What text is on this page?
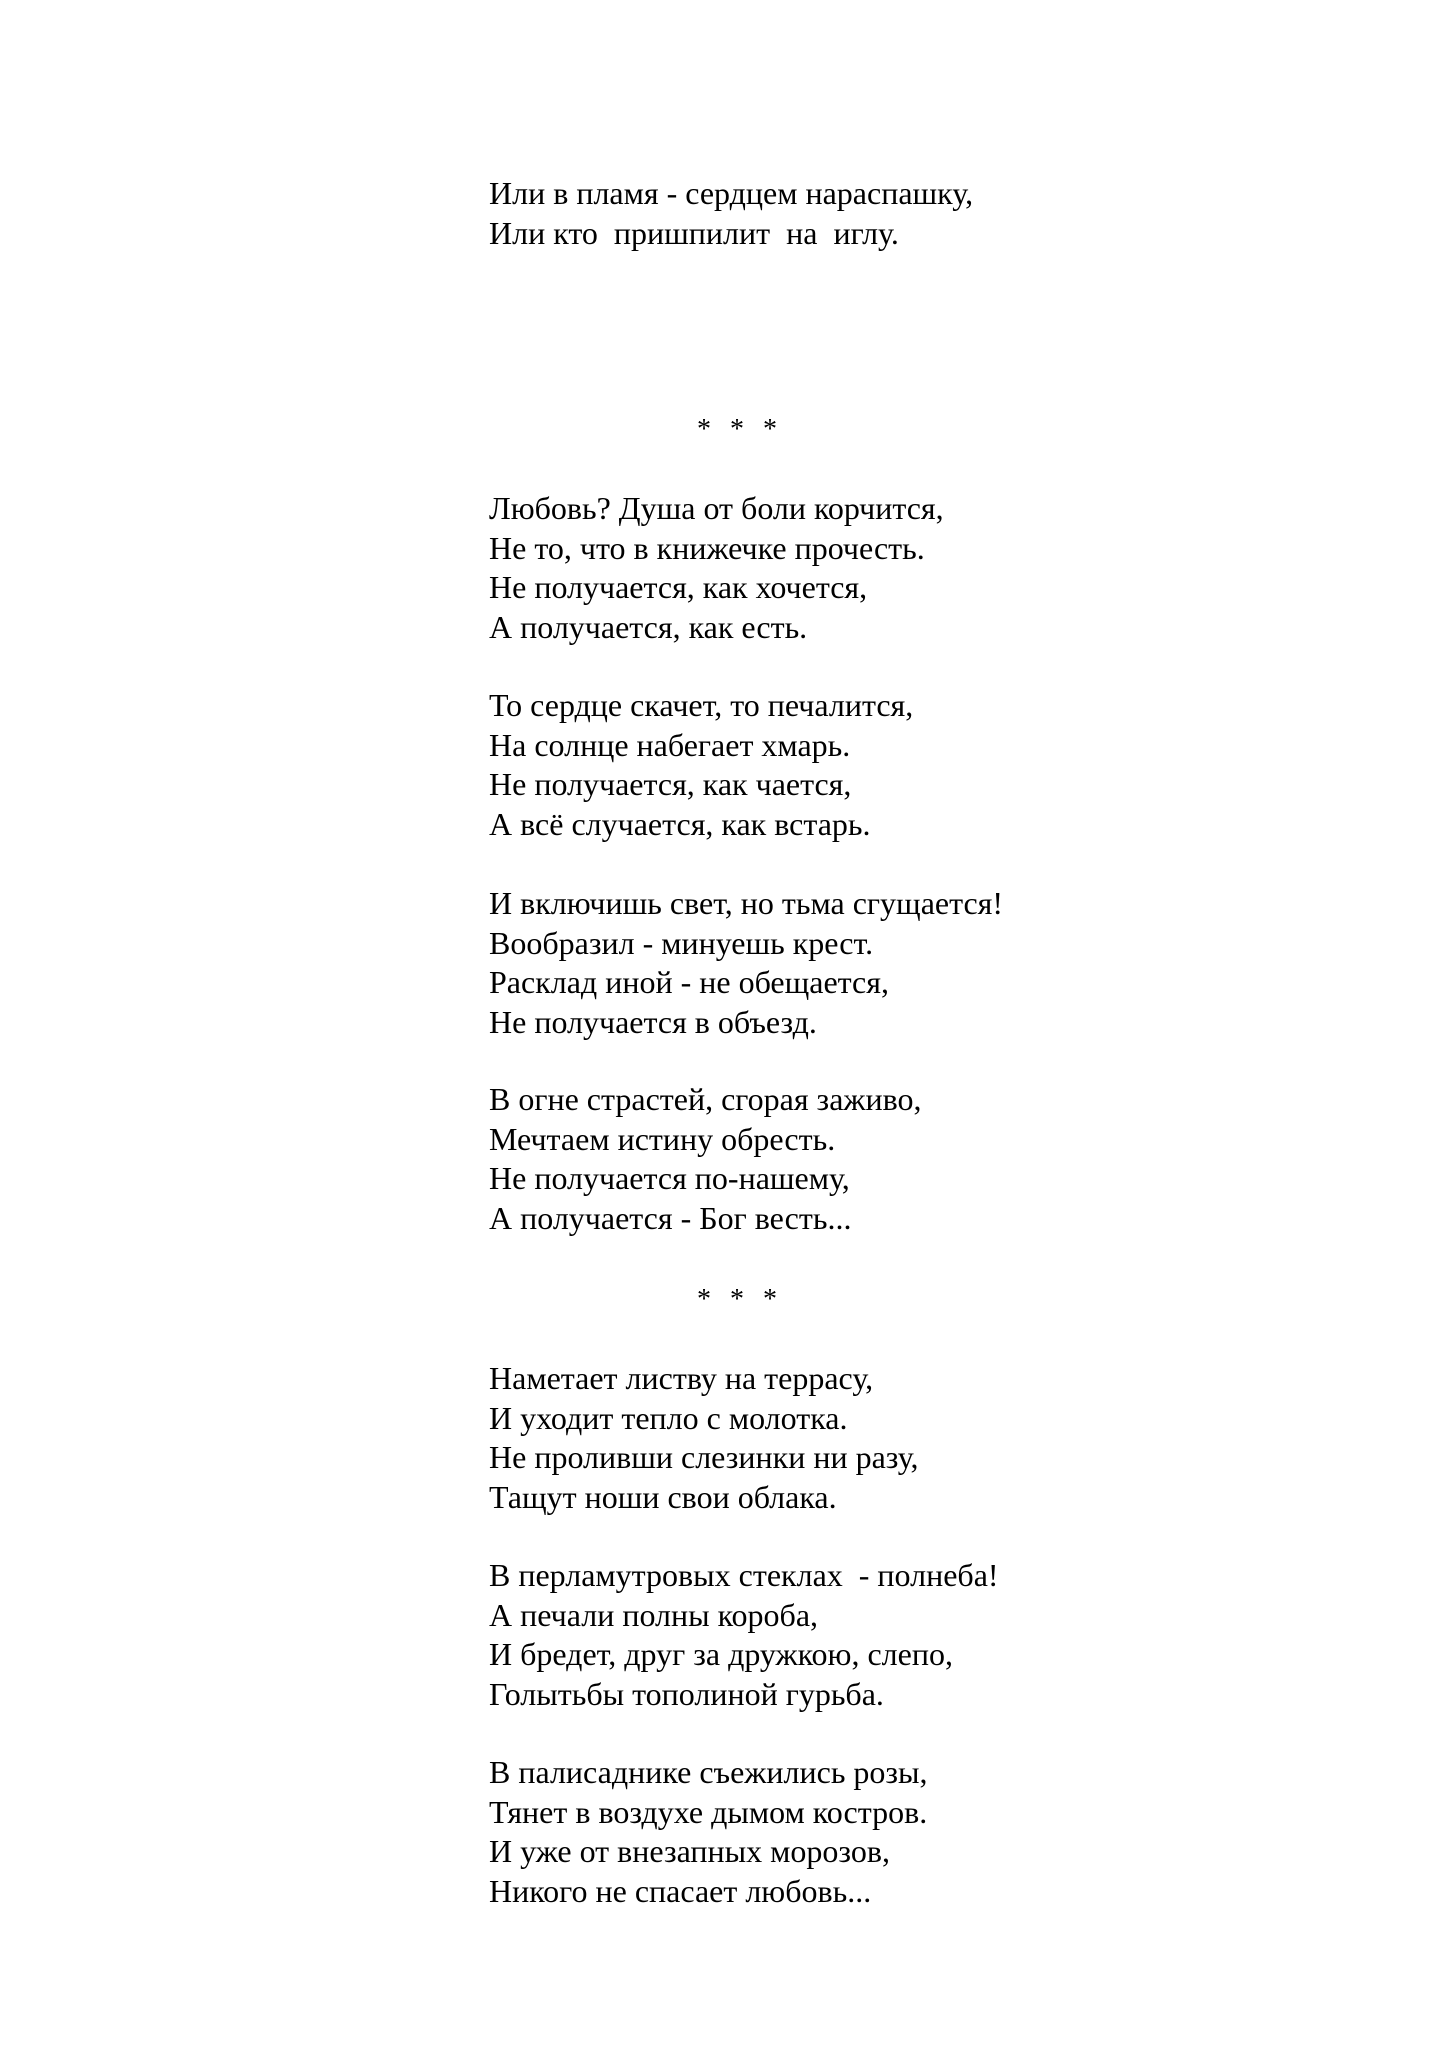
Или в пламя - сердцем нараспашку,
Или кто  пришпилит  на  иглу.
* * *
Любовь? Душа от боли корчится,
Не то, что в книжечке прочесть.
Не получается, как хочется,
А получается, как есть.
То сердце скачет, то печалится,
На солнце набегает хмарь.
Не получается, как чается,
А всё случается, как встарь.
И включишь свет, но тьма сгущается!
Вообразил - минуешь крест.
Расклад иной - не обещается,
Не получается в объезд.
В огне страстей, сгорая заживо,
Мечтаем истину обресть.
Не получается по-нашему,
А получается - Бог весть...
* * *
Наметает листву на террасу,
И уходит тепло с молотка.
Не проливши слезинки ни разу,
Тащут ноши свои облака.
В перламутровых стеклах  - полнеба!
А печали полны короба,
И бредет, друг за дружкою, слепо,
Голытьбы тополиной гурьба.
В палисаднике съежились розы,
Тянет в воздухе дымом костров.
И уже от внезапных морозов,
Никого не спасает любовь...
